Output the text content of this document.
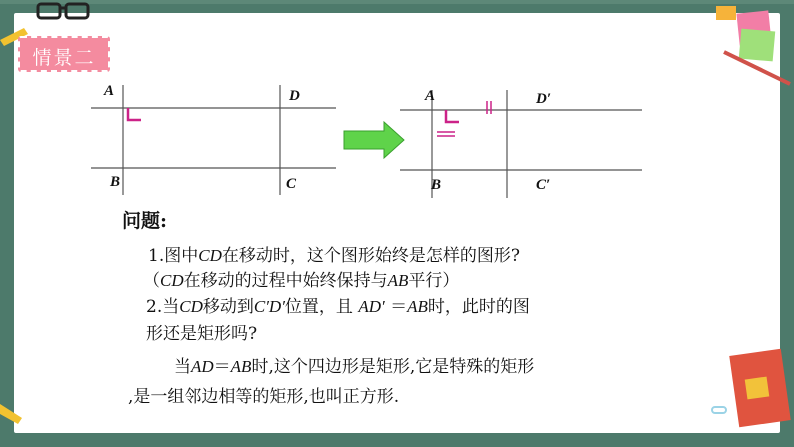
A	D
B	C
A	D′
B	C′
情景二
问题:
1.图中CD在移动时，这个图形始终是怎样的图形?
（CD在移动的过程中始终保持与AB平行）
2.当CD移动到C′D′位置，且 AD′ ＝AB时，此时的图
形还是矩形吗?
当AD＝AB时,这个四边形是矩形,它是特殊的矩形
,是一组邻边相等的矩形,也叫正方形.
